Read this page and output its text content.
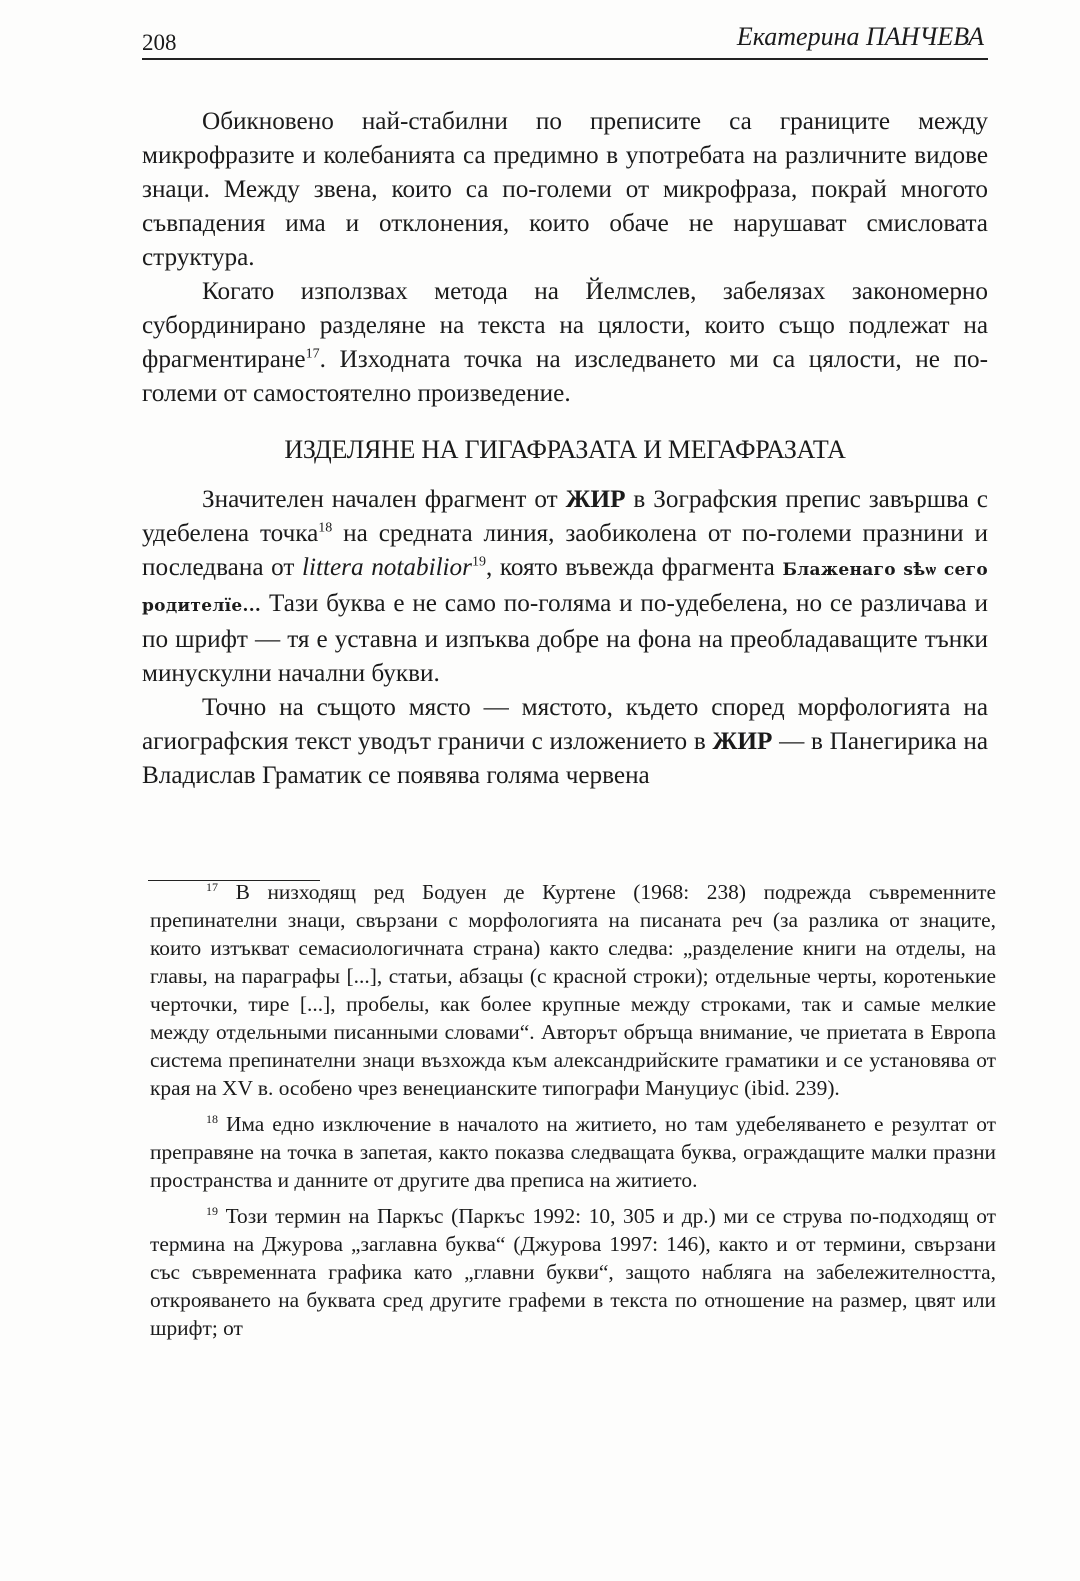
208	Екатерина ПАНЧЕВА

Обикновено най-стабилни по преписите са границите между микрофразите и колебанията са предимно в употребата на различните видове знаци. Между звена, които са по-големи от микрофраза, покрай многото съвпадения има и отклонения, които обаче не нарушават смисловата структура.

Когато използвах метода на Йелмслев, забелязах закономерно субординирано разделяне на текста на цялости, които също подлежат на фрагментиране$^{17}$. Изходната точка на изследването ми са цялости, не по-големи от самостоятелно произведение.

ИЗДЕЛЯНЕ НА ГИГАФРАЗАТА И МЕГАФРАЗАТА

Значителен начален фрагмент от ЖИР в Зографския препис завършва с удебелена точка$^{18}$ на средната линия, заобиколена от по-големи празнини и последвана от littera notabilior$^{19}$, която въвежда фрагмента Блаженаго ѕѣѡ сего родителїе... Тази буква е не само по-голяма и по-удебелена, но се различава и по шрифт — тя е уставна и изпъква добре на фона на преобладаващите тънки минускулни начални букви.

Точно на същото място — мястото, където според морфологията на агиографския текст уводът граничи с изложението в ЖИР — в Панегирика на Владислав Граматик се появява голяма червена

$^{17}$ В низходящ ред Бодуен де Куртене (1968: 238) подрежда съвременните препинателни знаци, свързани с морфологията на писаната реч (за разлика от знаците, които изтъкват семасиологичната страна) както следва: „разделение книги на отделы, на главы, на параграфы [...], статьи, абзацы (с красной строки); отдельные черты, коротенькие черточки, тире [...], пробелы, как более крупные между строками, так и самые мелкие между отдельными писанными словами“. Авторът обръща внимание, че приетата в Европа система препинателни знаци възхожда към александрийските граматики и се установява от края на XV в. особено чрез венецианските типографи Мануциус (ibid. 239).

$^{18}$ Има едно изключение в началото на житието, но там удебеляването е резултат от преправяне на точка в запетая, както показва следващата буква, ограждащите малки празни пространства и данните от другите два преписа на житието.

$^{19}$ Този термин на Паркъс (Паркъс 1992: 10, 305 и др.) ми се струва по-подходящ от термина на Джурова „заглавна буква“ (Джурова 1997: 146), както и от термини, свързани със съвременната графика като „главни букви“, защото набляга на забележителността, открояването на буквата сред другите графеми в текста по отношение на размер, цвят или шрифт; от
